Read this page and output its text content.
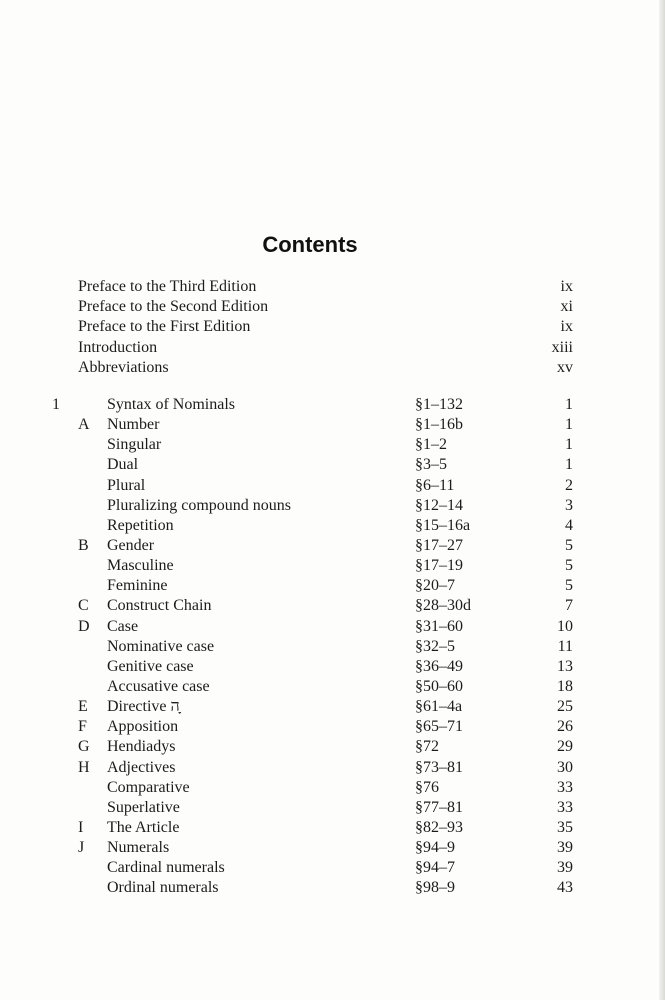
Contents
Preface to the Third Edition	ix
Preface to the Second Edition	xi
Preface to the First Edition	ix
Introduction	xiii
Abbreviations	xv
1	Syntax of Nominals	§1–132	1
A Number	§1–16b	1
Singular	§1–2	1
Dual	§3–5	1
Plural	§6–11	2
Pluralizing compound nouns	§12–14	3
Repetition	§15–16a	4
B Gender	§17–27	5
Masculine	§17–19	5
Feminine	§20–7	5
C Construct Chain	§28–30d	7
D Case	§31–60	10
Nominative case	§32–5	11
Genitive case	§36–49	13
Accusative case	§50–60	18
E Directive ה ָ	§61–4a	25
F Apposition	§65–71	26
G Hendiadys	§72	29
H Adjectives	§73–81	30
Comparative	§76	33
Superlative	§77–81	33
I The Article	§82–93	35
J Numerals	§94–9	39
Cardinal numerals	§94–7	39
Ordinal numerals	§98–9	43
